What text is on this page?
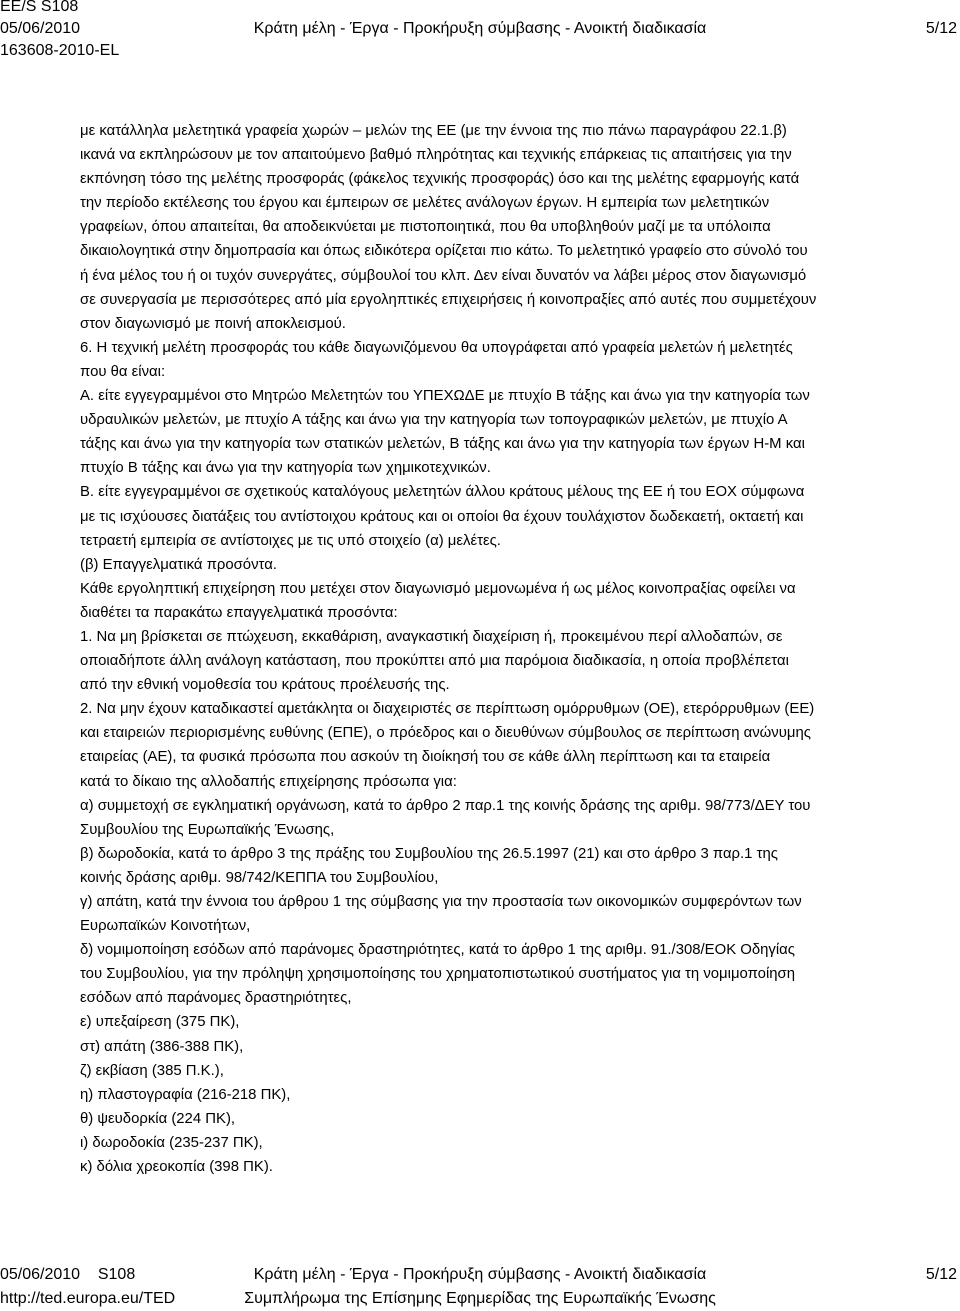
EE/S S108
05/06/2010	Κράτη μέλη - Έργα - Προκήρυξη σύμβασης - Ανοικτή διαδικασία	5/12
163608-2010-EL
με κατάλληλα μελετητικά γραφεία χωρών – μελών της ΕΕ (με την έννοια της πιο πάνω παραγράφου 22.1.β)
ικανά να εκπληρώσουν με τον απαιτούμενο βαθμό πληρότητας και τεχνικής επάρκειας τις απαιτήσεις για την
εκπόνηση τόσο της μελέτης προσφοράς (φάκελος τεχνικής προσφοράς) όσο και της μελέτης εφαρμογής κατά
την περίοδο εκτέλεσης του έργου και έμπειρων σε μελέτες ανάλογων έργων. Η εμπειρία των μελετητικών
γραφείων, όπου απαιτείται, θα αποδεικνύεται με πιστοποιητικά, που θα υποβληθούν μαζί με τα υπόλοιπα
δικαιολογητικά στην δημοπρασία και όπως ειδικότερα ορίζεται πιο κάτω. Το μελετητικό γραφείο στο σύνολό του
ή ένα μέλος του ή οι τυχόν συνεργάτες, σύμβουλοί του κλπ. Δεν είναι δυνατόν να λάβει μέρος στον διαγωνισμό
σε συνεργασία με περισσότερες από μία εργοληπτικές επιχειρήσεις ή κοινοπραξίες από αυτές που συμμετέχουν
στον διαγωνισμό με ποινή αποκλεισμού.
6. Η τεχνική μελέτη προσφοράς του κάθε διαγωνιζόμενου θα υπογράφεται από γραφεία μελετών ή μελετητές
που θα είναι:
Α. είτε εγγεγραμμένοι στο Μητρώο Μελετητών του ΥΠΕΧΩΔΕ με πτυχίο Β τάξης και άνω για την κατηγορία των
υδραυλικών μελετών, με πτυχίο Α τάξης και άνω για την κατηγορία των τοπογραφικών μελετών, με πτυχίο Α
τάξης και άνω για την κατηγορία των στατικών μελετών, Β τάξης και άνω για την κατηγορία των έργων Η-Μ και
πτυχίο Β τάξης και άνω για την κατηγορία των χημικοτεχνικών.
Β. είτε εγγεγραμμένοι σε σχετικούς καταλόγους μελετητών άλλου κράτους μέλους της ΕΕ ή του ΕΟΧ σύμφωνα
με τις ισχύουσες διατάξεις του αντίστοιχου κράτους και οι οποίοι θα έχουν τουλάχιστον δωδεκαετή, οκταετή και
τετραετή εμπειρία σε αντίστοιχες με τις υπό στοιχείο (α) μελέτες.
(β) Επαγγελματικά προσόντα.
Κάθε εργοληπτική επιχείρηση που μετέχει στον διαγωνισμό μεμονωμένα ή ως μέλος κοινοπραξίας οφείλει να
διαθέτει τα παρακάτω επαγγελματικά προσόντα:
1. Να μη βρίσκεται σε πτώχευση, εκκαθάριση, αναγκαστική διαχείριση ή, προκειμένου περί αλλοδαπών, σε
οποιαδήποτε άλλη ανάλογη κατάσταση, που προκύπτει από μια παρόμοια διαδικασία, η οποία προβλέπεται
από την εθνική νομοθεσία του κράτους προέλευσής της.
2. Να μην έχουν καταδικαστεί αμετάκλητα οι διαχειριστές σε περίπτωση ομόρρυθμων (ΟΕ), ετερόρρυθμων (ΕΕ)
και εταιρειών περιορισμένης ευθύνης (ΕΠΕ), ο πρόεδρος και ο διευθύνων σύμβουλος σε περίπτωση ανώνυμης
εταιρείας (ΑΕ), τα φυσικά πρόσωπα που ασκούν τη διοίκησή του σε κάθε άλλη περίπτωση και τα εταιρεία
κατά το δίκαιο της αλλοδαπής επιχείρησης πρόσωπα για:
α) συμμετοχή σε εγκληματική οργάνωση, κατά το άρθρο 2 παρ.1 της κοινής δράσης της αριθμ. 98/773/ΔΕΥ του
Συμβουλίου της Ευρωπαϊκής Ένωσης,
β) δωροδοκία, κατά το άρθρο 3 της πράξης του Συμβουλίου της 26.5.1997 (21) και στο άρθρο 3 παρ.1 της
κοινής δράσης αριθμ. 98/742/ΚΕΠΠΑ του Συμβουλίου,
γ) απάτη, κατά την έννοια του άρθρου 1 της σύμβασης για την προστασία των οικονομικών συμφερόντων των
Ευρωπαϊκών Κοινοτήτων,
δ) νομιμοποίηση εσόδων από παράνομες δραστηριότητες, κατά το άρθρο 1 της αριθμ. 91./308/ΕΟΚ Οδηγίας
του Συμβουλίου, για την πρόληψη χρησιμοποίησης του χρηματοπιστωτικού συστήματος για τη νομιμοποίηση
εσόδων από παράνομες δραστηριότητες,
ε) υπεξαίρεση (375 ΠΚ),
στ) απάτη (386-388 ΠΚ),
ζ) εκβίαση (385 Π.Κ.),
η) πλαστογραφία (216-218 ΠΚ),
θ) ψευδορκία (224 ΠΚ),
ι) δωροδοκία (235-237 ΠΚ),
κ) δόλια χρεοκοπία (398 ΠΚ).
05/06/2010 S108	Κράτη μέλη - Έργα - Προκήρυξη σύμβασης - Ανοικτή διαδικασία	5/12
http://ted.europa.eu/TED	Συμπλήρωμα της Επίσημης Εφημερίδας της Ευρωπαϊκής Ένωσης
